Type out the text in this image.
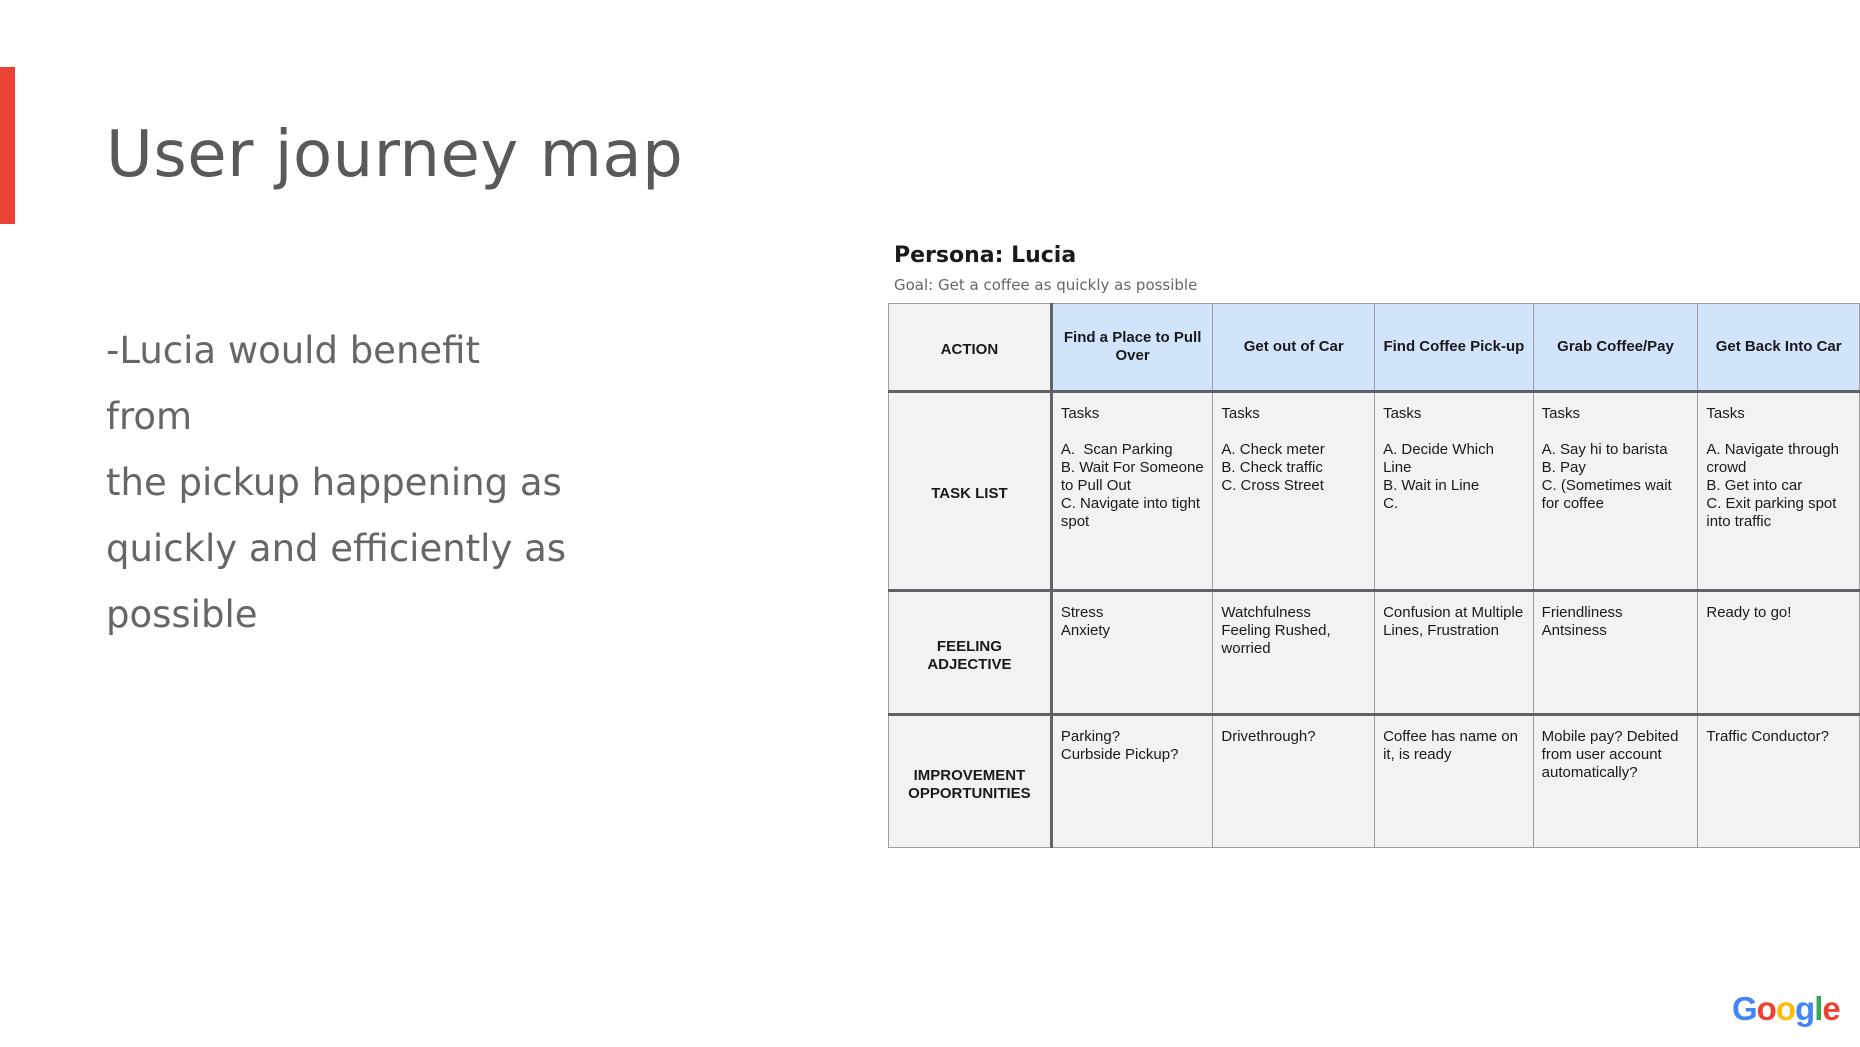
User journey map

-Lucia would benefit from
the pickup happening as
quickly and efficiently as
possible

Persona: Lucia
Goal: Get a coffee as quickly as possible
ACTION	Find a Place to Pull Over	Get out of Car	Find Coffee Pick-up	Grab Coffee/Pay	Get Back Into Car
TASK LIST	Tasks

A.  Scan Parking
B. Wait For Someone to Pull Out
C. Navigate into tight spot	Tasks

A. Check meter
B. Check traffic
C. Cross Street	Tasks

A. Decide Which Line
B. Wait in Line
C.	Tasks

A. Say hi to barista
B. Pay
C. (Sometimes wait for coffee	Tasks

A. Navigate through crowd
B. Get into car
C. Exit parking spot into traffic

FEELING ADJECTIVE	Stress
Anxiety	Watchfulness
Feeling Rushed, worried	Confusion at Multiple Lines, Frustration	Friendliness
Antsiness	Ready to go!

IMPROVEMENT OPPORTUNITIES	Parking?
Curbside Pickup?	Drivethrough?	Coffee has name on it, is ready	Mobile pay? Debited from user account automatically?	Traffic Conductor?
Google
